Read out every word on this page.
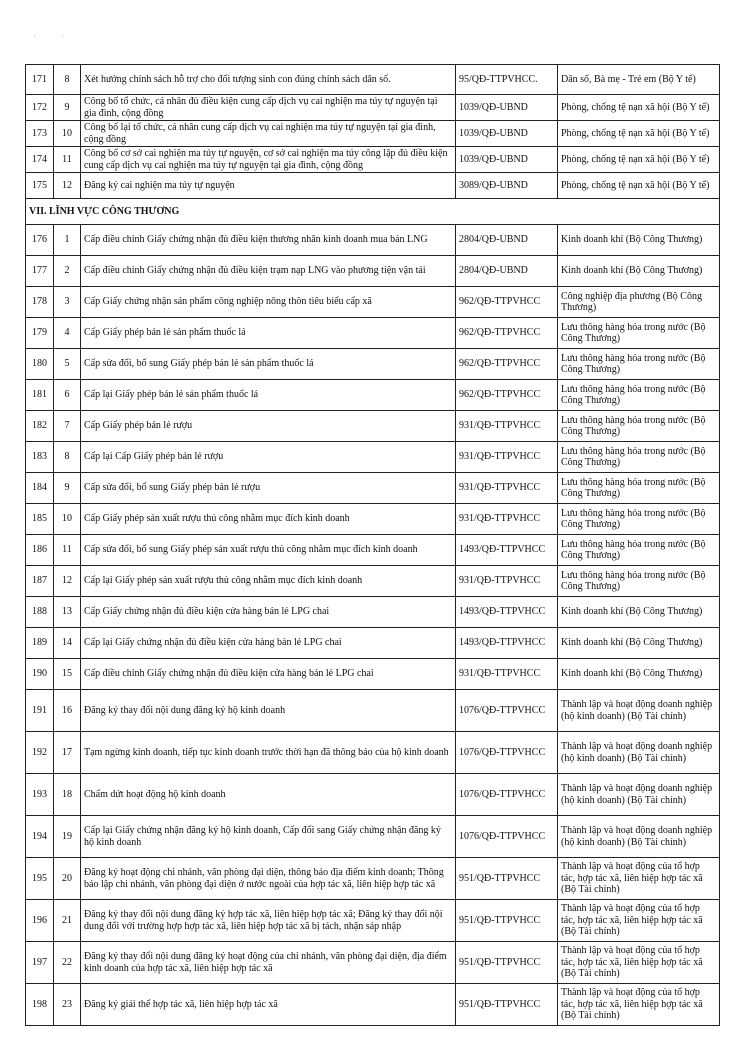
˙	'
171	8	Xét hưởng chính sách hỗ trợ cho đối tượng sinh con đúng chính sách dân số.	95/QĐ-TTPVHCC.	Dân số, Bà mẹ - Trẻ em (Bộ Y tế)
172	9	Công bố tổ chức, cá nhân đủ điều kiện cung cấp dịch vụ cai nghiện ma túy tự nguyện tại gia đình, cộng đồng	1039/QĐ-UBND	Phòng, chống tệ nạn xã hội (Bộ Y tế)
173	10	Công bố lại tổ chức, cá nhân cung cấp dịch vụ cai nghiện ma túy tự nguyện tại gia đình, cộng đồng	1039/QĐ-UBND	Phòng, chống tệ nạn xã hội (Bộ Y tế)
174	11	Công bố cơ sở cai nghiện ma túy tự nguyện, cơ sở cai nghiện ma túy công lập đủ điều kiện cung cấp dịch vụ cai nghiện ma túy tự nguyện tại gia đình, cộng đồng	1039/QĐ-UBND	Phòng, chống tệ nạn xã hội (Bộ Y tế)
175	12	Đăng ký cai nghiện ma túy tự nguyện	3089/QĐ-UBND	Phòng, chống tệ nạn xã hội (Bộ Y tế)
VII. LĨNH VỰC CÔNG THƯƠNG				
176	1	Cấp điều chỉnh Giấy chứng nhận đủ điều kiện thương nhân kinh doanh mua bán LNG	2804/QĐ-UBND	Kinh doanh khí (Bộ Công Thương)
177	2	Cấp điều chỉnh Giấy chứng nhận đủ điều kiện trạm nạp LNG vào phương tiện vận tải	2804/QĐ-UBND	Kinh doanh khí (Bộ Công Thương)
178	3	Cấp Giấy chứng nhận sản phẩm công nghiệp nông thôn tiêu biểu cấp xã	962/QĐ-TTPVHCC	Công nghiệp địa phương (Bộ Công Thương)
179	4	Cấp Giấy phép bán lẻ sản phẩm thuốc lá	962/QĐ-TTPVHCC	Lưu thông hàng hóa trong nước (Bộ Công Thương)
180	5	Cấp sửa đổi, bổ sung Giấy phép bán lẻ sản phẩm thuốc lá	962/QĐ-TTPVHCC	Lưu thông hàng hóa trong nước (Bộ Công Thương)
181	6	Cấp lại Giấy phép bán lẻ sản phẩm thuốc lá	962/QĐ-TTPVHCC	Lưu thông hàng hóa trong nước (Bộ Công Thương)
182	7	Cấp Giấy phép bán lẻ rượu	931/QĐ-TTPVHCC	Lưu thông hàng hóa trong nước (Bộ Công Thương)
183	8	Cấp lại Cấp Giấy phép bán lẻ rượu	931/QĐ-TTPVHCC	Lưu thông hàng hóa trong nước (Bộ Công Thương)
184	9	Cấp sửa đổi, bổ sung Giấy phép bán lẻ rượu	931/QĐ-TTPVHCC	Lưu thông hàng hóa trong nước (Bộ Công Thương)
185	10	Cấp Giấy phép sản xuất rượu thủ công nhằm mục đích kinh doanh	931/QĐ-TTPVHCC	Lưu thông hàng hóa trong nước (Bộ Công Thương)
186	11	Cấp sửa đổi, bổ sung Giấy phép sản xuất rượu thủ công nhằm mục đích kinh doanh	1493/QĐ-TTPVHCC	Lưu thông hàng hóa trong nước (Bộ Công Thương)
187	12	Cấp lại Giấy phép sản xuất rượu thủ công nhằm mục đích kinh doanh	931/QĐ-TTPVHCC	Lưu thông hàng hóa trong nước (Bộ Công Thương)
188	13	Cấp Giấy chứng nhận đủ điều kiện cửa hàng bán lẻ LPG chai	1493/QĐ-TTPVHCC	Kinh doanh khí (Bộ Công Thương)
189	14	Cấp lại Giấy chứng nhận đủ điều kiện cửa hàng bán lẻ LPG chai	1493/QĐ-TTPVHCC	Kinh doanh khí (Bộ Công Thương)
190	15	Cấp điều chỉnh Giấy chứng nhận đủ điều kiện cửa hàng bán lẻ LPG chai	931/QĐ-TTPVHCC	Kinh doanh khí (Bộ Công Thương)
191	16	Đăng ký thay đổi nội dung đăng ký hộ kinh doanh	1076/QĐ-TTPVHCC	Thành lập và hoạt động doanh nghiệp (hộ kinh doanh) (Bộ Tài chính)
192	17	Tạm ngừng kinh doanh, tiếp tục kinh doanh trước thời hạn đã thông báo của hộ kinh doanh	1076/QĐ-TTPVHCC	Thành lập và hoạt động doanh nghiệp (hộ kinh doanh) (Bộ Tài chính)
193	18	Chấm dứt hoạt động hộ kinh doanh	1076/QĐ-TTPVHCC	Thành lập và hoạt động doanh nghiệp (hộ kinh doanh) (Bộ Tài chính)
194	19	Cấp lại Giấy chứng nhận đăng ký hộ kinh doanh, Cấp đổi sang Giấy chứng nhận đăng ký hộ kinh doanh	1076/QĐ-TTPVHCC	Thành lập và hoạt động doanh nghiệp (hộ kinh doanh) (Bộ Tài chính)
195	20	Đăng ký hoạt động chi nhánh, văn phòng đại diện, thông báo địa điểm kinh doanh; Thông báo lập chi nhánh, văn phòng đại diện ở nước ngoài của hợp tác xã, liên hiệp hợp tác xã	951/QĐ-TTPVHCC	Thành lập và hoạt động của tổ hợp tác, hợp tác xã, liên hiệp hợp tác xã (Bộ Tài chính)
196	21	Đăng ký thay đổi nội dung đăng ký hợp tác xã, liên hiệp hợp tác xã; Đăng ký thay đổi nội dung đổi với trường hợp hợp tác xã, liên hiệp hợp tác xã bị tách, nhận sáp nhập	951/QĐ-TTPVHCC	Thành lập và hoạt động của tổ hợp tác, hợp tác xã, liên hiệp hợp tác xã (Bộ Tài chính)
197	22	Đăng ký thay đổi nội dung đăng ký hoạt động của chi nhánh, văn phòng đại diện, địa điểm kinh doanh của hợp tác xã, liên hiệp hợp tác xã	951/QĐ-TTPVHCC	Thành lập và hoạt động của tổ hợp tác, hợp tác xã, liên hiệp hợp tác xã (Bộ Tài chính)
198	23	Đăng ký giải thể hợp tác xã, liên hiệp hợp tác xã	951/QĐ-TTPVHCC	Thành lập và hoạt động của tổ hợp tác, hợp tác xã, liên hiệp hợp tác xã (Bộ Tài chính)
